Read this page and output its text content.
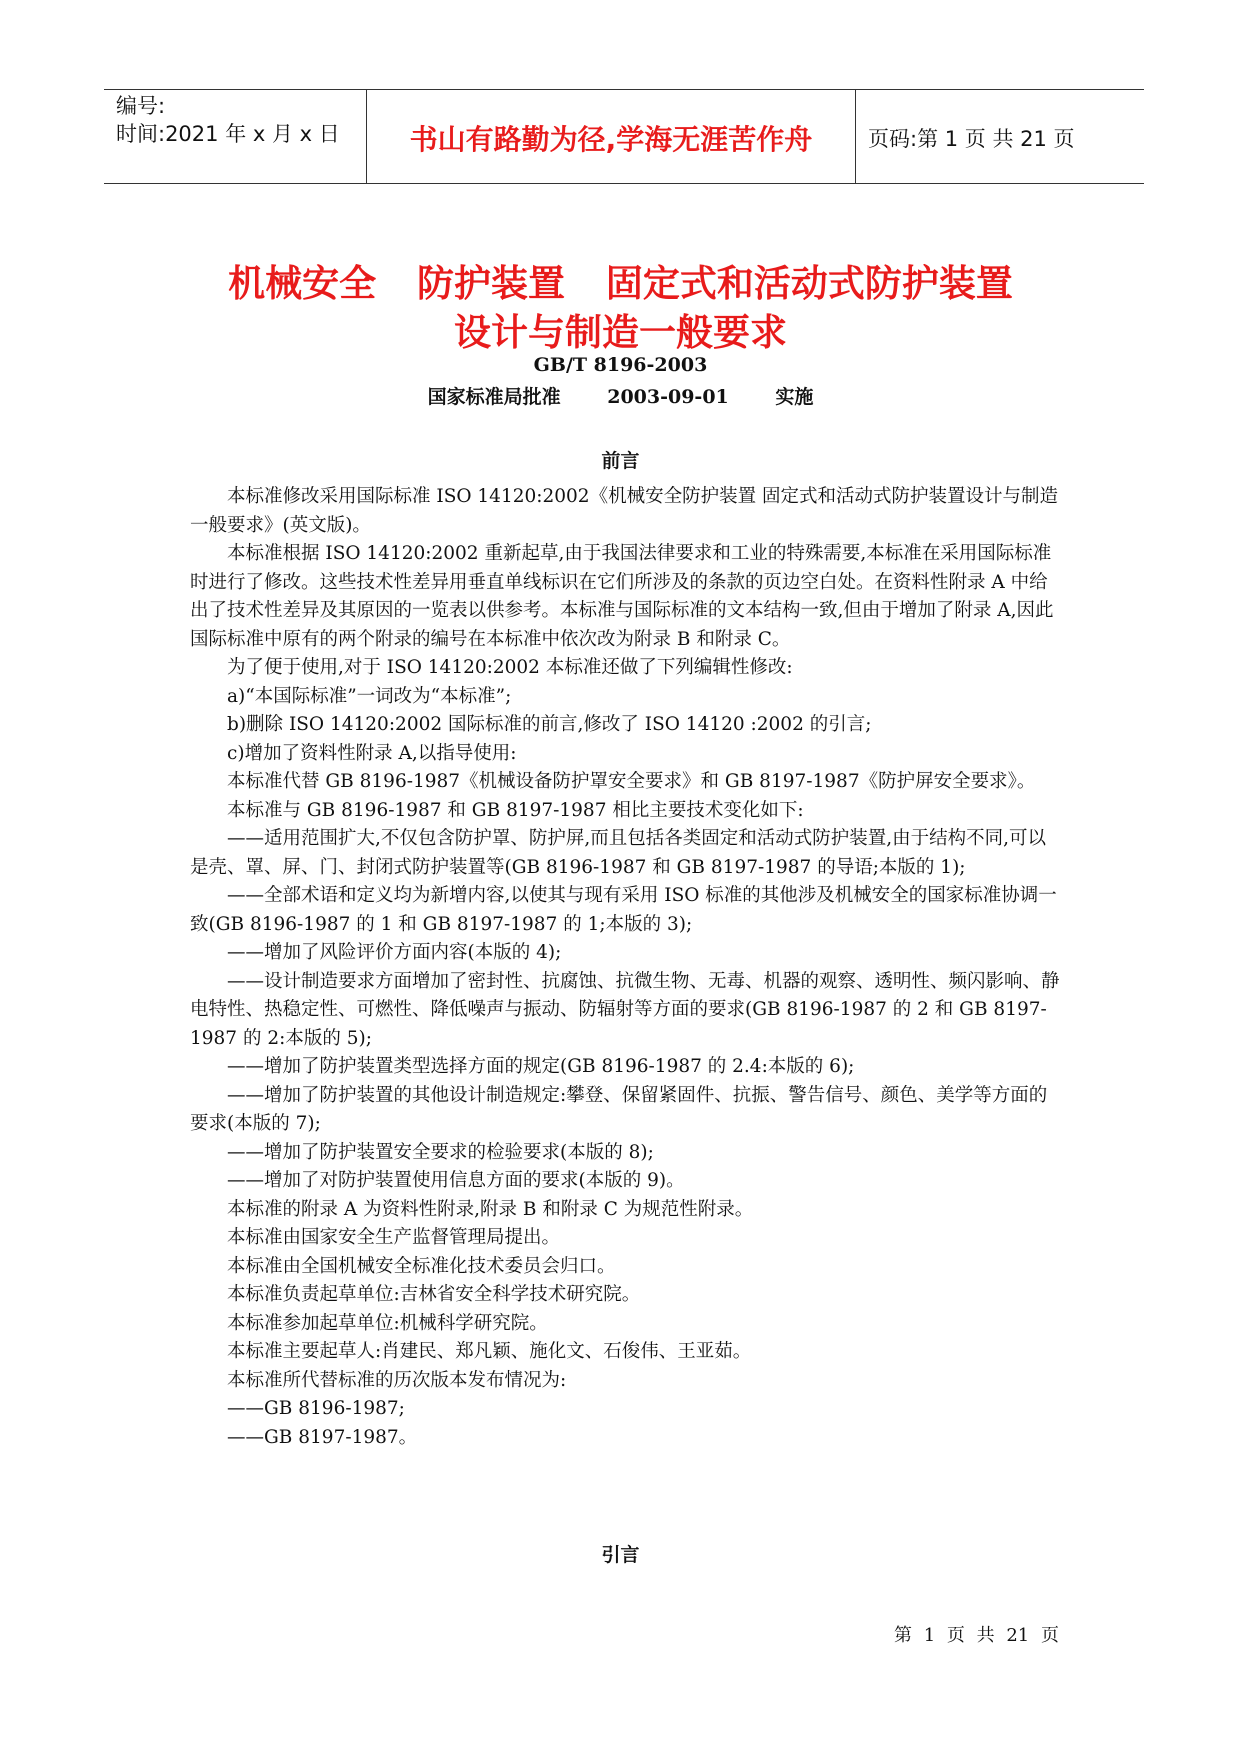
编号:
时间:2021 年 x 月 x 日	书山有路勤为径,学海无涯苦作舟	页码:第 1 页 共 21 页
机械安全 防护装置 固定式和活动式防护装置
设计与制造一般要求
GB/T 8196-2003
国家标准局批准 2003-09-01 实施
前言

本标准修改采用国际标准 ISO 14120:2002《机械安全防护装置 固定式和活动式防护装置设计与制造一般要求》(英文版)。

本标准根据 ISO 14120:2002 重新起草,由于我国法律要求和工业的特殊需要,本标准在采用国际标准时进行了修改。这些技术性差异用垂直单线标识在它们所涉及的条款的页边空白处。在资料性附录 A 中给出了技术性差异及其原因的一览表以供参考。本标准与国际标准的文本结构一致,但由于增加了附录 A,因此国际标准中原有的两个附录的编号在本标准中依次改为附录 B 和附录 C。

为了便于使用,对于 ISO 14120:2002 本标准还做了下列编辑性修改:

a)“本国际标准”一词改为“本标准”;

b)删除 ISO 14120:2002 国际标准的前言,修改了 ISO 14120 :2002 的引言;

c)增加了资料性附录 A,以指导使用:

本标准代替 GB 8196-1987《机械设备防护罩安全要求》和 GB 8197-1987《防护屏安全要求》。

本标准与 GB 8196-1987 和 GB 8197-1987 相比主要技术变化如下:

——适用范围扩大,不仅包含防护罩、防护屏,而且包括各类固定和活动式防护装置,由于结构不同,可以是壳、罩、屏、门、封闭式防护装置等(GB 8196-1987 和 GB 8197-1987 的导语;本版的 1);

——全部术语和定义均为新增内容,以使其与现有采用 ISO 标准的其他涉及机械安全的国家标准协调一致(GB 8196-1987 的 1 和 GB 8197-1987 的 1;本版的 3);

——增加了风险评价方面内容(本版的 4);

——设计制造要求方面增加了密封性、抗腐蚀、抗微生物、无毒、机器的观察、透明性、频闪影响、静电特性、热稳定性、可燃性、降低噪声与振动、防辐射等方面的要求(GB 8196-1987 的 2 和 GB 8197-1987 的 2:本版的 5);

——增加了防护装置类型选择方面的规定(GB 8196-1987 的 2.4:本版的 6);

——增加了防护装置的其他设计制造规定:攀登、保留紧固件、抗振、警告信号、颜色、美学等方面的要求(本版的 7);

——增加了防护装置安全要求的检验要求(本版的 8);

——增加了对防护装置使用信息方面的要求(本版的 9)。

本标准的附录 A 为资料性附录,附录 B 和附录 C 为规范性附录。

本标准由国家安全生产监督管理局提出。

本标准由全国机械安全标准化技术委员会归口。

本标准负责起草单位:吉林省安全科学技术研究院。

本标准参加起草单位:机械科学研究院。

本标准主要起草人:肖建民、郑凡颖、施化文、石俊伟、王亚茹。

本标准所代替标准的历次版本发布情况为:

——GB 8196-1987;

——GB 8197-1987。

引言
第 1 页 共 21 页
